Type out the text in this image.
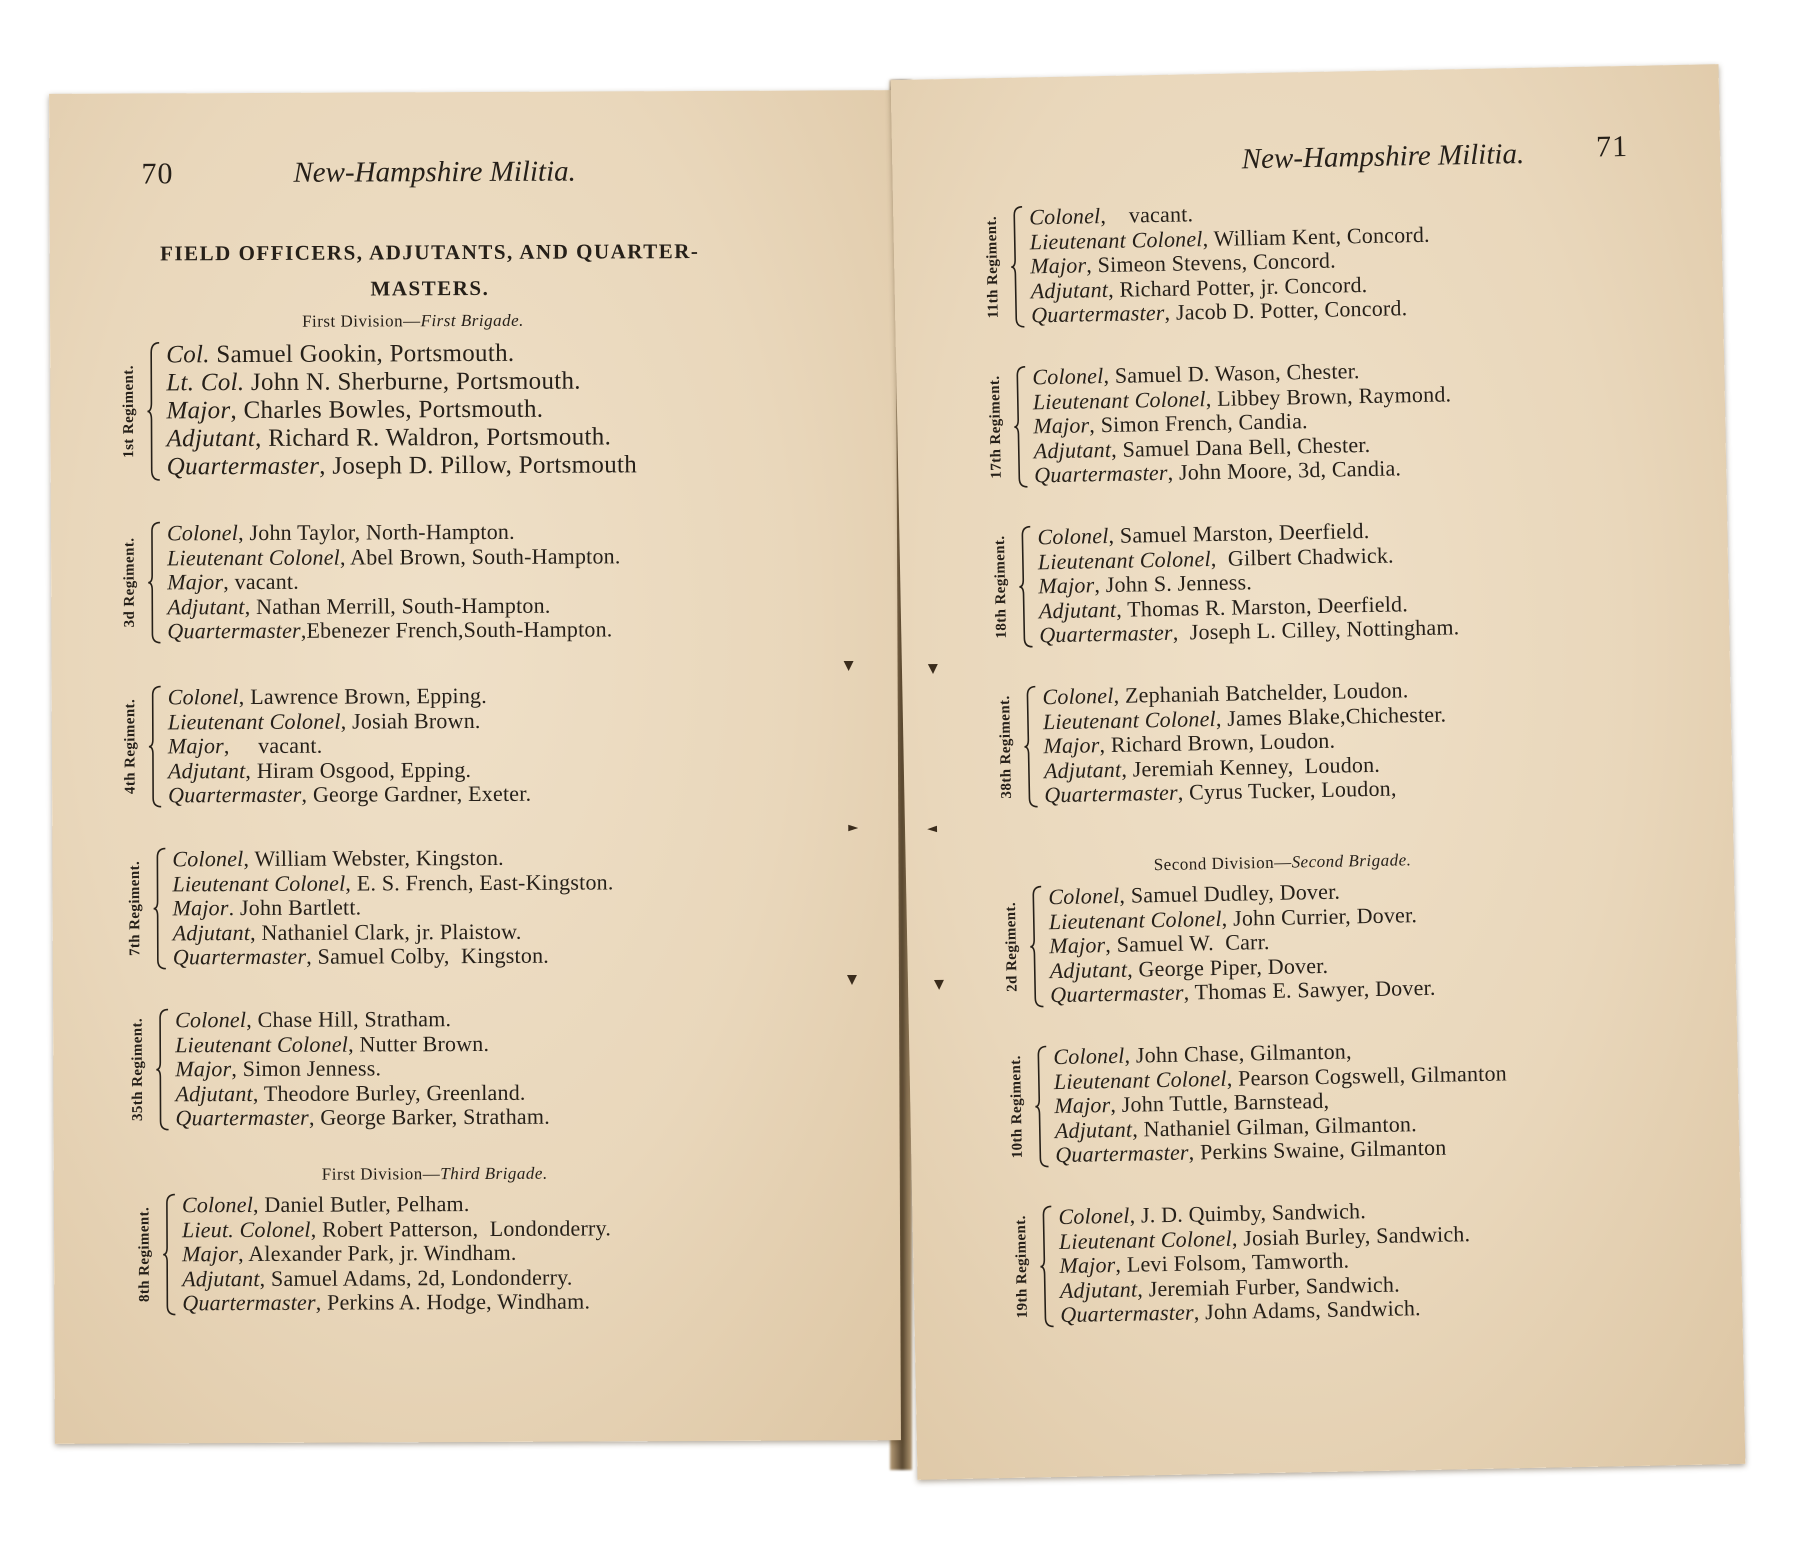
70	New-Hampshire Militia.
FIELD OFFICERS, ADJUTANTS, AND QUARTER-MASTERS.
First Division—First Brigade.
1st Regiment.
Col. Samuel Gookin, Portsmouth.
Lt. Col. John N. Sherburne, Portsmouth.
Major, Charles Bowles, Portsmouth.
Adjutant, Richard R. Waldron, Portsmouth.
Quartermaster, Joseph D. Pillow, Portsmouth
3d Regiment.
Colonel, John Taylor, North-Hampton.
Lieutenant Colonel, Abel Brown, South-Hampton.
Major, vacant.
Adjutant, Nathan Merrill, South-Hampton.
Quartermaster,Ebenezer French,South-Hampton.
4th Regiment.
Colonel, Lawrence Brown, Epping.
Lieutenant Colonel, Josiah Brown.
Major,     vacant.
Adjutant, Hiram Osgood, Epping.
Quartermaster, George Gardner, Exeter.
7th Regiment.
Colonel, William Webster, Kingston.
Lieutenant Colonel, E. S. French, East-Kingston.
Major. John Bartlett.
Adjutant, Nathaniel Clark, jr. Plaistow.
Quartermaster, Samuel Colby,  Kingston.
35th Regiment. Colonel, Chase Hill, Stratham.
Lieutenant Colonel, Nutter Brown.
Major, Simon Jenness.
Adjutant, Theodore Burley, Greenland.
Quartermaster, George Barker, Stratham.
First Division—Third Brigade.
8th Regiment.
Colonel, Daniel Butler, Pelham.
Lieut. Colonel, Robert Patterson,  Londonderry.
Major, Alexander Park, jr. Windham.
Adjutant, Samuel Adams, 2d, Londonderry.
Quartermaster, Perkins A. Hodge, Windham.
▼
►
▼
New-Hampshire Militia. 71
11th Regiment. Colonel,    vacant.
Lieutenant Colonel, William Kent, Concord.
Major, Simeon Stevens, Concord.
Adjutant, Richard Potter, jr. Concord.
Quartermaster, Jacob D. Potter, Concord.
17th Regiment. Colonel, Samuel D. Wason, Chester.
Lieutenant Colonel, Libbey Brown, Raymond.
Major, Simon French, Candia.
Adjutant, Samuel Dana Bell, Chester.
Quartermaster, John Moore, 3d, Candia.
18th Regiment. Colonel, Samuel Marston, Deerfield.
Lieutenant Colonel,  Gilbert Chadwick.
Major, John S. Jenness.
Adjutant, Thomas R. Marston, Deerfield.
Quartermaster,  Joseph L. Cilley, Nottingham.
38th Regiment. Colonel, Zephaniah Batchelder, Loudon.
Lieutenant Colonel, James Blake,Chichester.
Major, Richard Brown, Loudon.
Adjutant, Jeremiah Kenney,  Loudon.
Quartermaster, Cyrus Tucker, Loudon,
Second Division—Second Brigade.
2d Regiment.
Colonel, Samuel Dudley, Dover.
Lieutenant Colonel, John Currier, Dover.
Major, Samuel W.  Carr.
Adjutant, George Piper, Dover.
Quartermaster, Thomas E. Sawyer, Dover.
10th Regiment. Colonel, John Chase, Gilmanton,
Lieutenant Colonel, Pearson Cogswell, Gilmanton
Major, John Tuttle, Barnstead,
Adjutant, Nathaniel Gilman, Gilmanton.
Quartermaster, Perkins Swaine, Gilmanton
19th Regiment. Colonel, J. D. Quimby, Sandwich.
Lieutenant Colonel, Josiah Burley, Sandwich.
Major, Levi Folsom, Tamworth.
Adjutant, Jeremiah Furber, Sandwich.
Quartermaster, John Adams, Sandwich.
▼
◄
▼
